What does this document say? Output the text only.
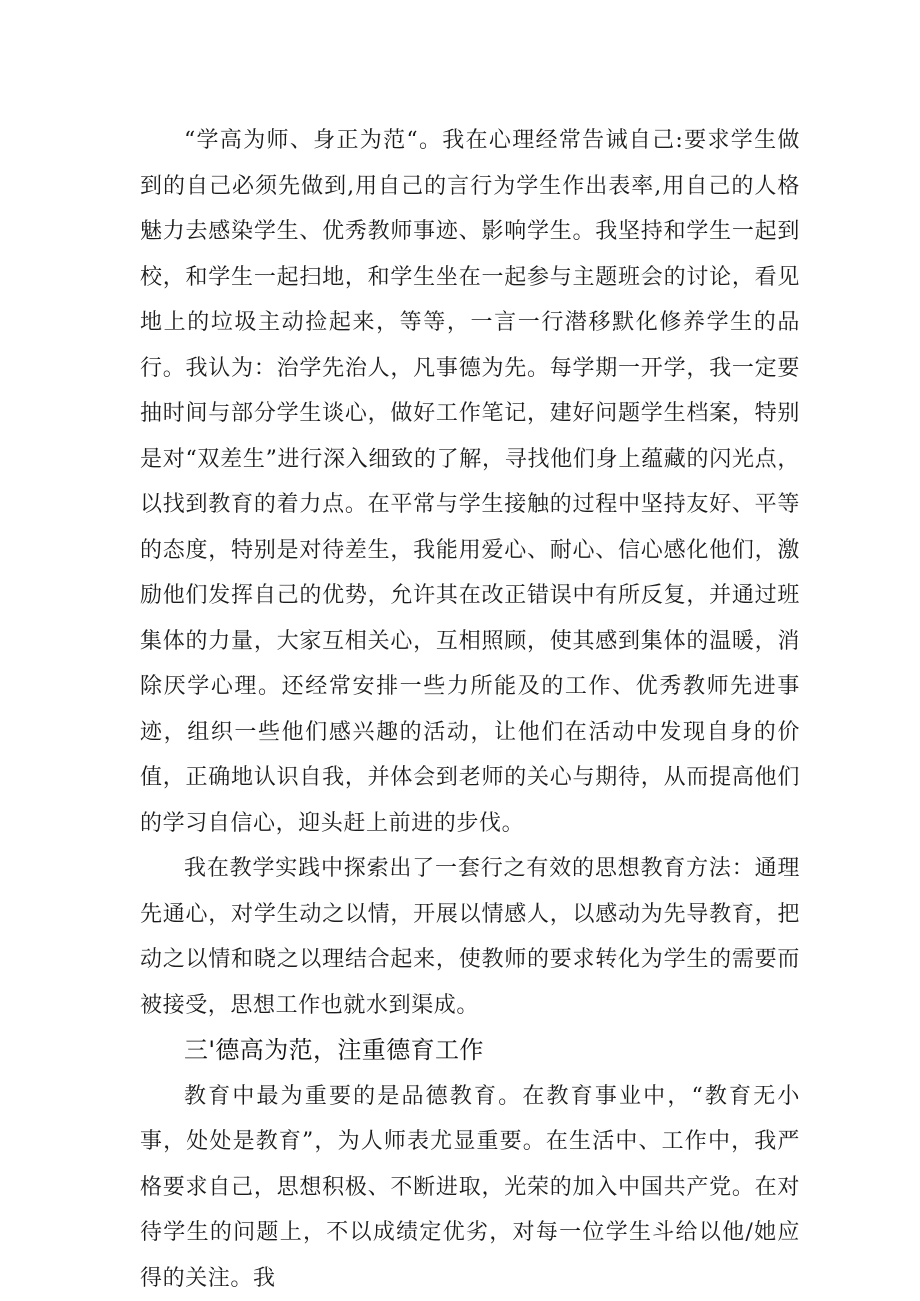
“学高为师、身正为范“。我在心理经常告诫自己:要求学生做到的自己必须先做到,用自己的言行为学生作出表率,用自己的人格魅力去感染学生、优秀教师事迹、影响学生。我坚持和学生一起到校，和学生一起扫地，和学生坐在一起参与主题班会的讨论，看见地上的垃圾主动捡起来，等等，一言一行潜移默化修养学生的品行。我认为：治学先治人，凡事德为先。每学期一开学，我一定要抽时间与部分学生谈心，做好工作笔记，建好问题学生档案，特别是对“双差生”进行深入细致的了解，寻找他们身上蕴藏的闪光点，以找到教育的着力点。在平常与学生接触的过程中坚持友好、平等的态度，特别是对待差生，我能用爱心、耐心、信心感化他们，激励他们发挥自己的优势，允许其在改正错误中有所反复，并通过班集体的力量，大家互相关心，互相照顾，使其感到集体的温暖，消除厌学心理。还经常安排一些力所能及的工作、优秀教师先进事迹，组织一些他们感兴趣的活动，让他们在活动中发现自身的价值，正确地认识自我，并体会到老师的关心与期待，从而提高他们的学习自信心，迎头赶上前进的步伐。

我在教学实践中探索出了一套行之有效的思想教育方法：通理先通心，对学生动之以情，开展以情感人，以感动为先导教育，把动之以情和晓之以理结合起来，使教师的要求转化为学生的需要而被接受，思想工作也就水到渠成。

三'德高为范，注重德育工作

教育中最为重要的是品德教育。在教育事业中，“教育无小事，处处是教育”，为人师表尤显重要。在生活中、工作中，我严格要求自己，思想积极、不断进取，光荣的加入中国共产党。在对待学生的问题上，不以成绩定优劣，对每一位学生斗给以他/她应得的关注。我
